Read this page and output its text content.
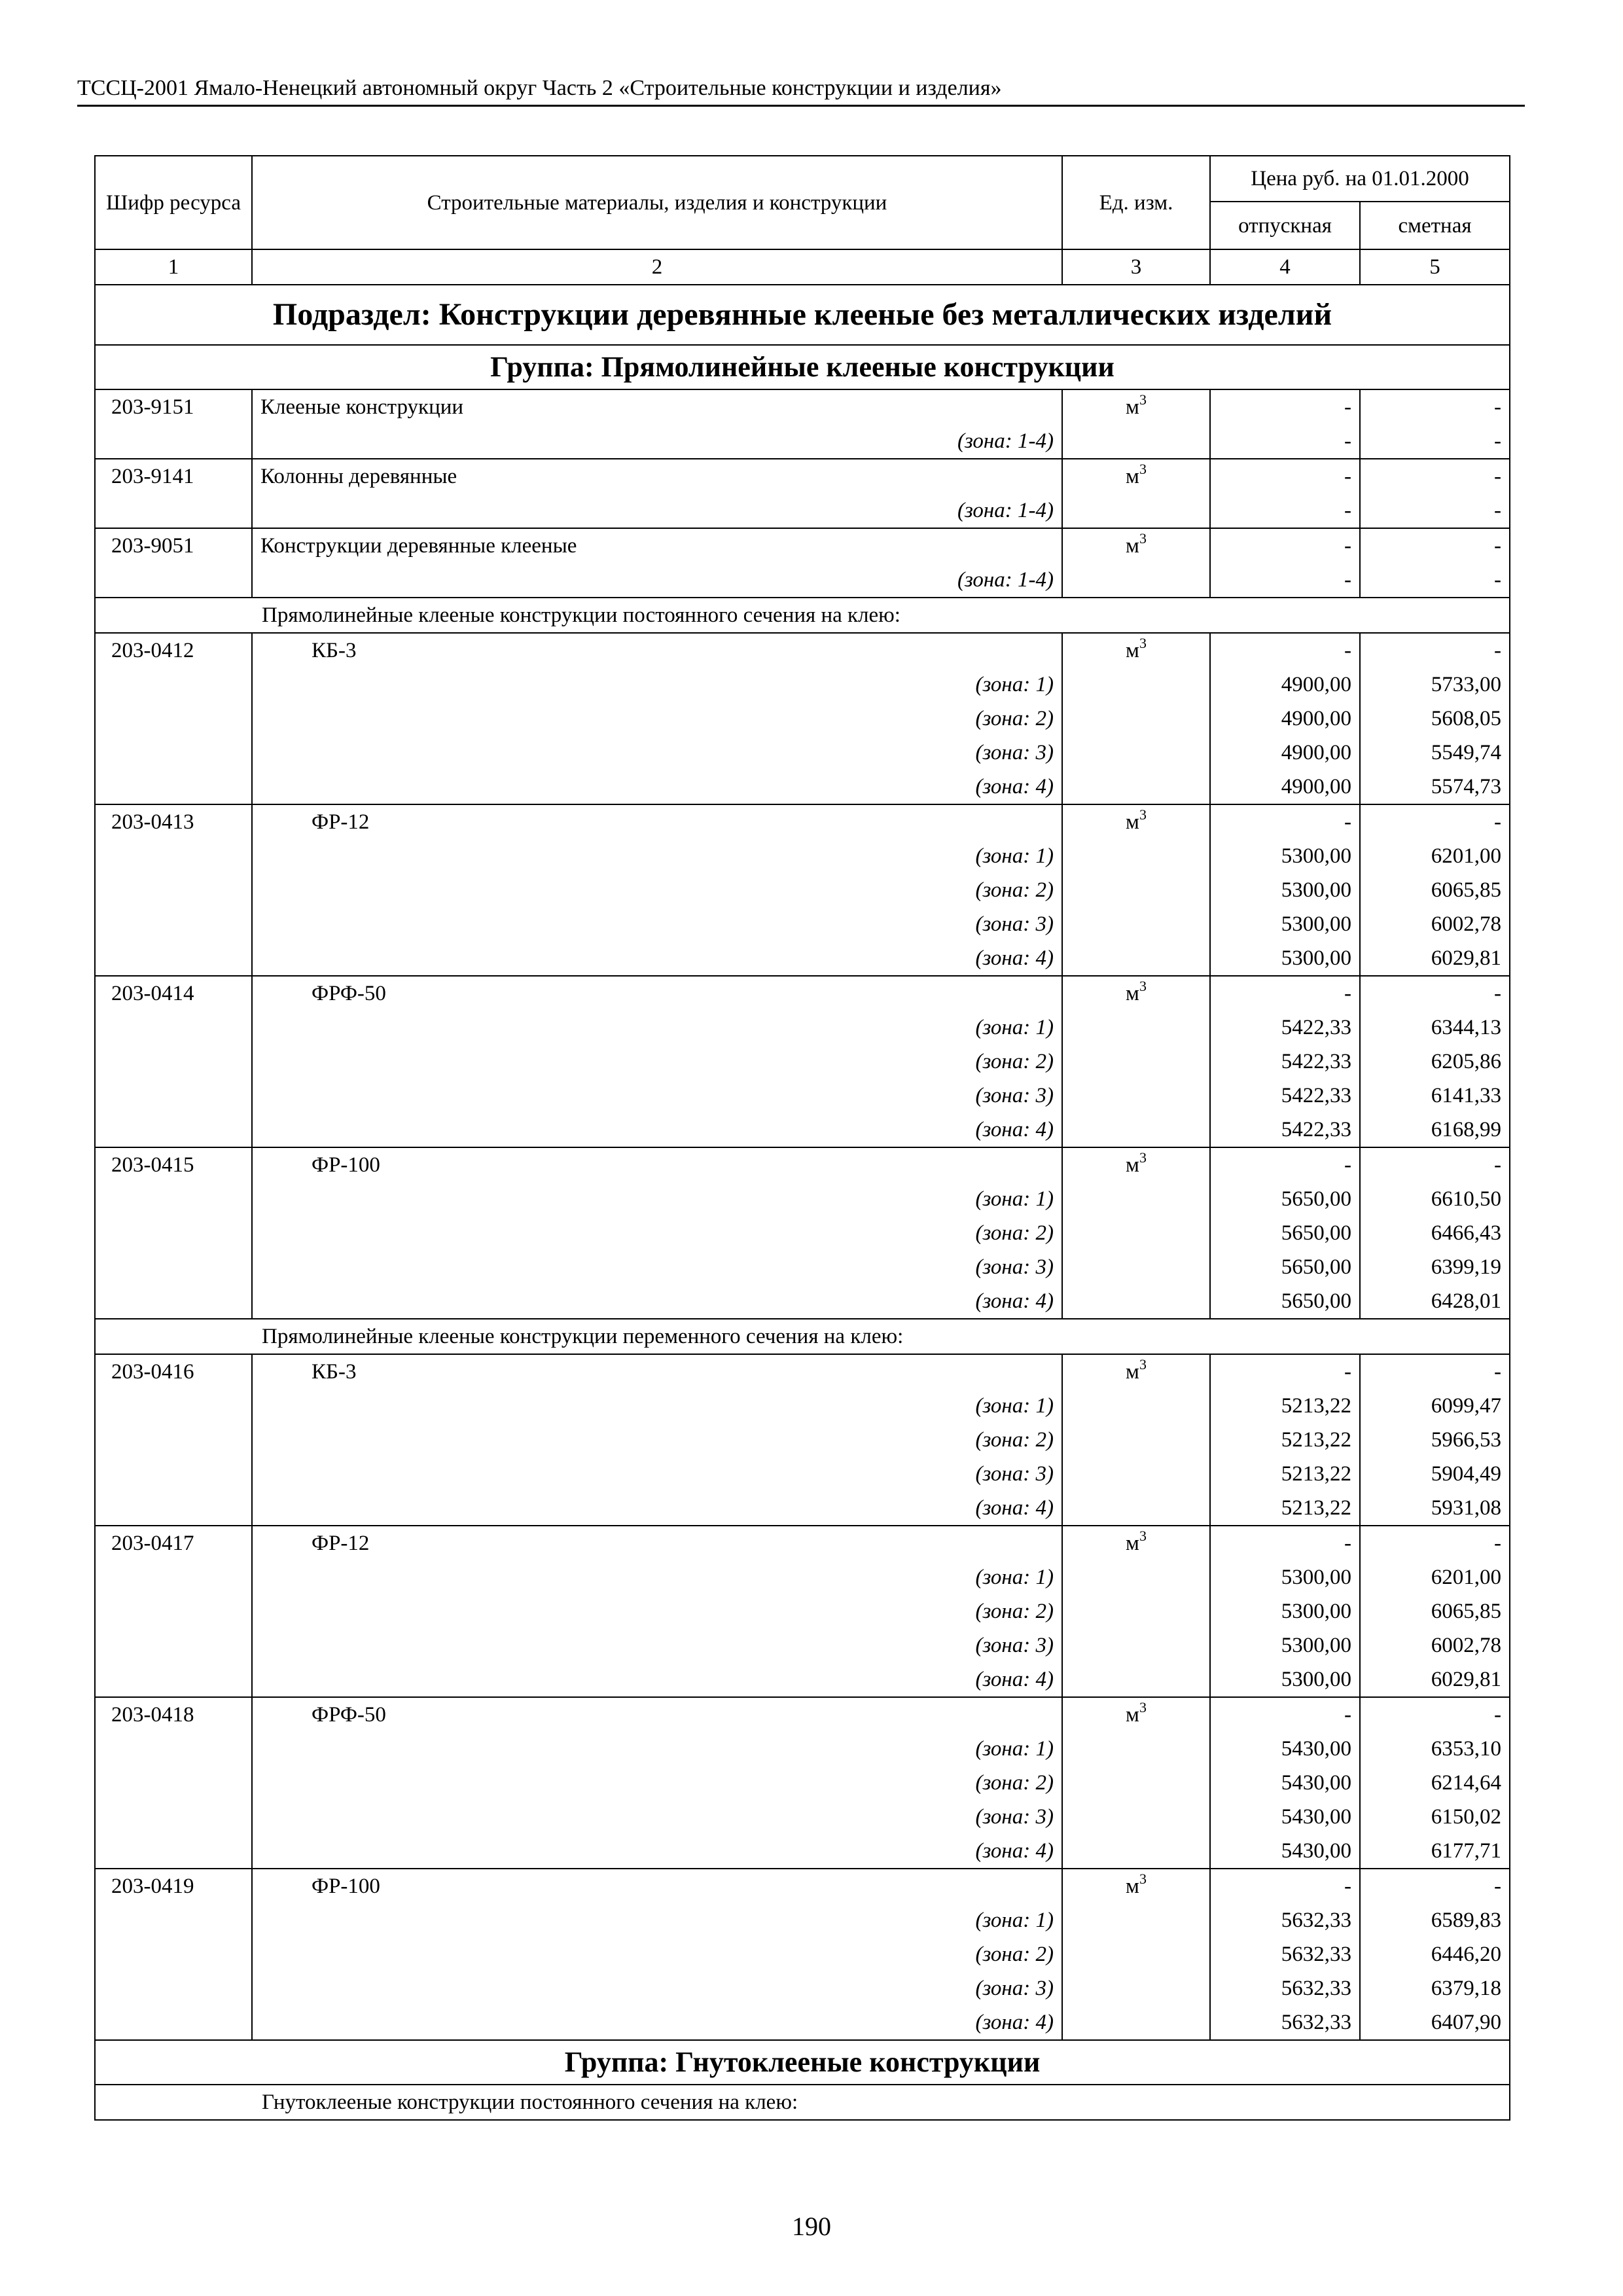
ТССЦ-2001 Ямало-Ненецкий автономный округ Часть 2 «Строительные конструкции и изделия»
Шифр ресурса	Строительные материалы, изделия и конструкции	Ед. изм.	Цена руб. на 01.01.2000	
			отпускная	сметная
1	2	3	4	5
Подраздел: Конструкции деревянные клееные без металлических изделий				
Группа: Прямолинейные клееные конструкции				
203-9151	Клееные конструкции	$м^3$	-	-

	(зона: 1-4)		-	-
203-9141	Колонны деревянные	$м^3$	-	-

	(зона: 1-4)		-	-
203-9051	Конструкции деревянные клееные	$м^3$	-	-

	(зона: 1-4)		-	-
Прямолинейные клееные конструкции постоянного сечения на клею:				
203-0412	КБ-3	$м^3$	-	-

	(зона: 1)		4900,00	5733,00

	(зона: 2)		4900,00	5608,05

	(зона: 3)		4900,00	5549,74

	(зона: 4)		4900,00	5574,73
203-0413	ФР-12	$м^3$	-	-

	(зона: 1)		5300,00	6201,00

	(зона: 2)		5300,00	6065,85

	(зона: 3)		5300,00	6002,78

	(зона: 4)		5300,00	6029,81
203-0414	ФРФ-50	$м^3$	-	-

	(зона: 1)		5422,33	6344,13

	(зона: 2)		5422,33	6205,86

	(зона: 3)		5422,33	6141,33

	(зона: 4)		5422,33	6168,99
203-0415	ФР-100	$м^3$	-	-

	(зона: 1)		5650,00	6610,50

	(зона: 2)		5650,00	6466,43

	(зона: 3)		5650,00	6399,19

	(зона: 4)		5650,00	6428,01
Прямолинейные клееные конструкции переменного сечения на клею:				
203-0416	КБ-3	$м^3$	-	-

	(зона: 1)		5213,22	6099,47

	(зона: 2)		5213,22	5966,53

	(зона: 3)		5213,22	5904,49

	(зона: 4)		5213,22	5931,08
203-0417	ФР-12	$м^3$	-	-

	(зона: 1)		5300,00	6201,00

	(зона: 2)		5300,00	6065,85

	(зона: 3)		5300,00	6002,78

	(зона: 4)		5300,00	6029,81
203-0418	ФРФ-50	$м^3$	-	-

	(зона: 1)		5430,00	6353,10

	(зона: 2)		5430,00	6214,64

	(зона: 3)		5430,00	6150,02

	(зона: 4)		5430,00	6177,71
203-0419	ФР-100	$м^3$	-	-

	(зона: 1)		5632,33	6589,83

	(зона: 2)		5632,33	6446,20

	(зона: 3)		5632,33	6379,18

	(зона: 4)		5632,33	6407,90
Группа: Гнутоклееные конструкции				
Гнутоклееные конструкции постоянного сечения на клею:				
190
